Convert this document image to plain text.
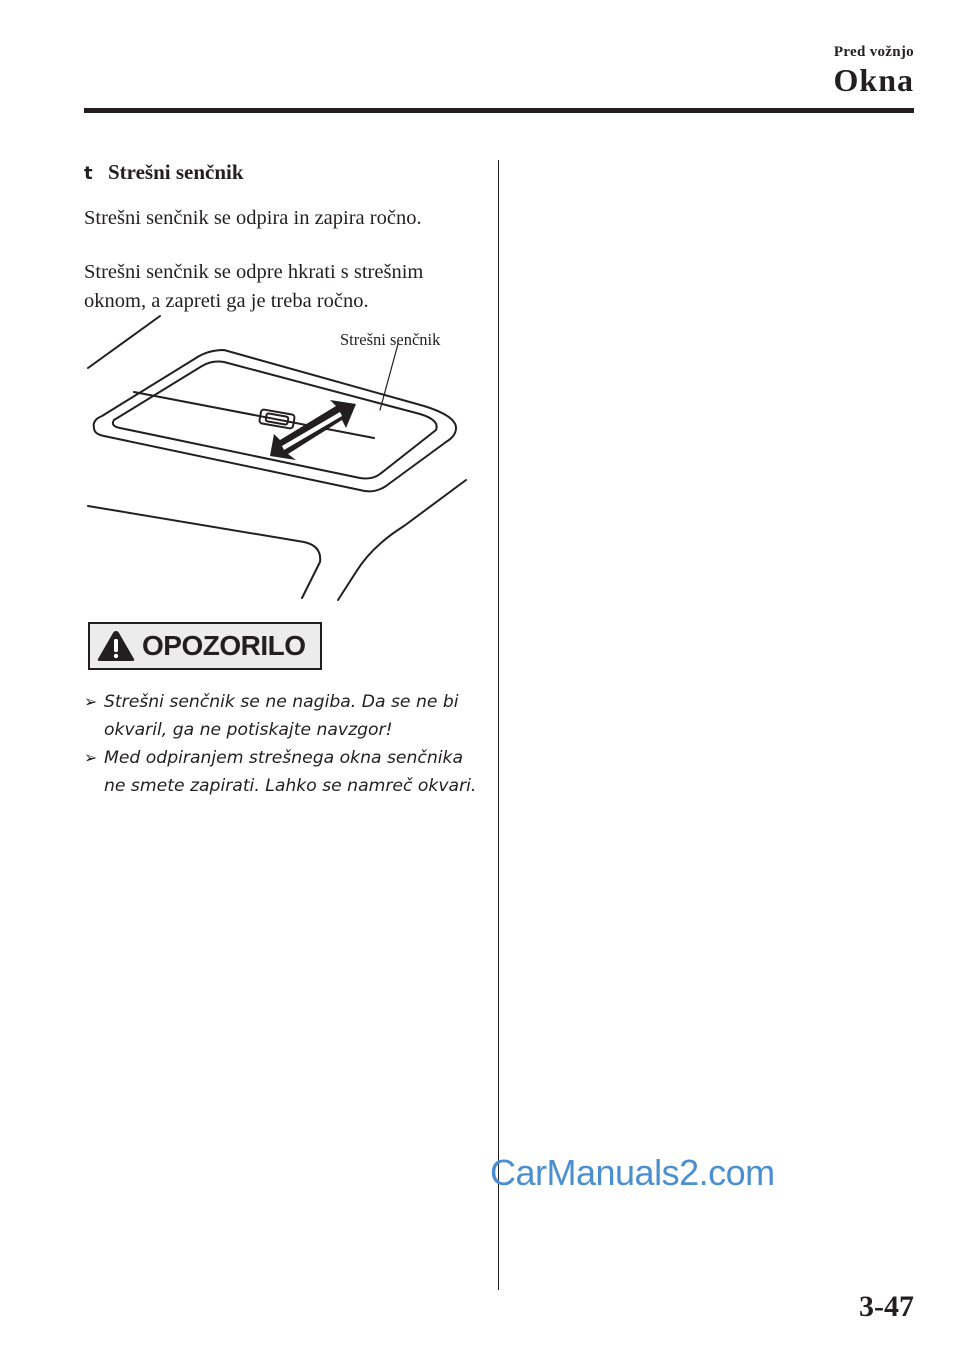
Pred vožnjo
Okna
t Strešni senčnik
Strešni senčnik se odpira in zapira ročno.
Strešni senčnik se odpre hkrati s strešnim oknom, a zapreti ga je treba ročno.
Strešni senčnik
OPOZORILO
➢ Strešni senčnik se ne nagiba. Da se ne bi okvaril, ga ne potiskajte navzgor!
➢ Med odpiranjem strešnega okna senčnika ne smete zapirati. Lahko se namreč okvari.
CarManuals2.com
3-47
